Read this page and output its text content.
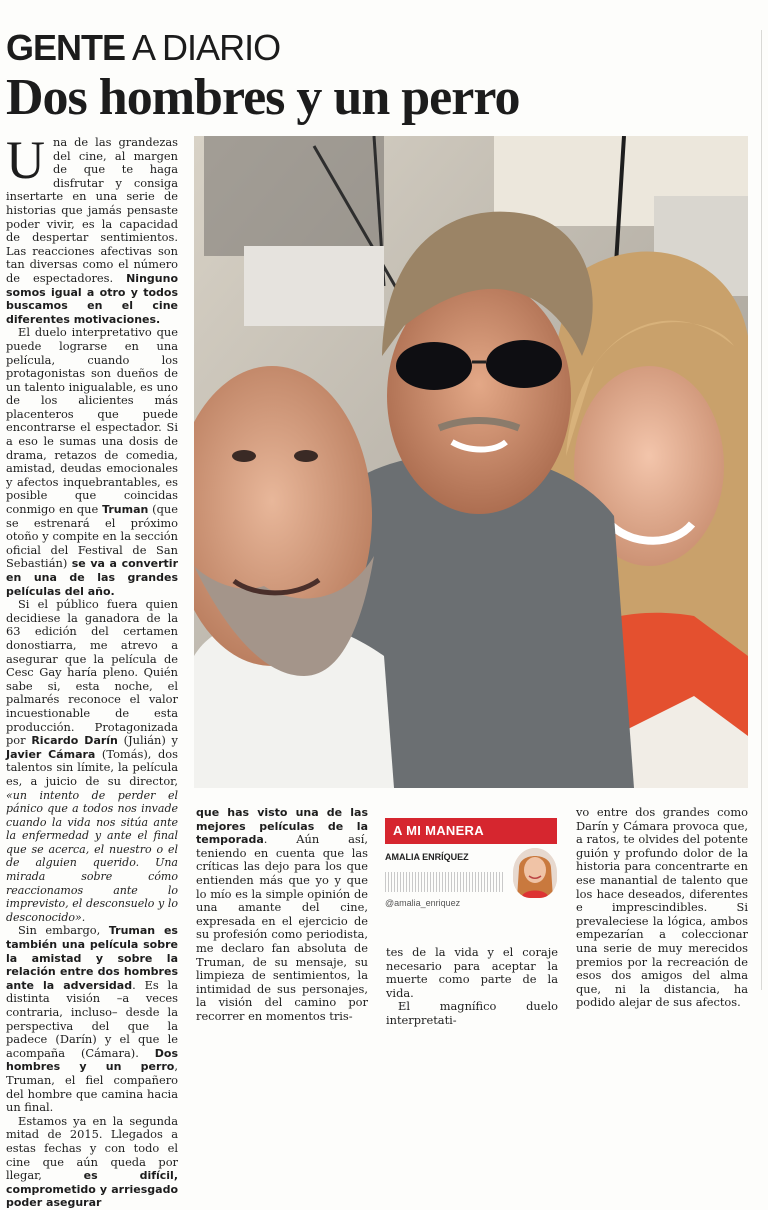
GENTE A DIARIO
Dos hombres y un perro

Una de las grandezas del cine, al margen de que te haga disfrutar y consiga insertarte en una serie de historias que jamás pensaste poder vivir, es la capacidad de despertar sentimientos. Las reacciones afectivas son tan diversas como el número de espectadores. Ninguno somos igual a otro y todos buscamos en el cine diferentes motivaciones.

El duelo interpretativo que puede lograrse en una película, cuando los protagonistas son dueños de un talento inigualable, es uno de los alicientes más placenteros que puede encontrarse el espectador. Si a eso le sumas una dosis de drama, retazos de comedia, amistad, deudas emocionales y afectos inquebrantables, es posible que coincidas conmigo en que Truman (que se estrenará el próximo otoño y compite en la sección oficial del Festival de San Sebastián) se va a convertir en una de las grandes películas del año.

Si el público fuera quien decidiese la ganadora de la 63 edición del certamen donostiarra, me atrevo a asegurar que la película de Cesc Gay haría pleno. Quién sabe si, esta noche, el palmarés reconoce el valor incuestionable de esta producción. Protagonizada por Ricardo Darín (Julián) y Javier Cámara (Tomás), dos talentos sin límite, la película es, a juicio de su director, «un intento de perder el pánico que a todos nos invade cuando la vida nos sitúa ante la enfermedad y ante el final que se acerca, el nuestro o el de alguien querido. Una mirada sobre cómo reaccionamos ante lo imprevisto, el desconsuelo y lo desconocido».

Sin embargo, Truman es también una película sobre la amistad y sobre la relación entre dos hombres ante la adversidad. Es la distinta visión –a veces contraria, incluso– desde la perspectiva del que la padece (Darín) y el que le acompaña (Cámara). Dos hombres y un perro, Truman, el fiel compañero del hombre que camina hacia un final.

Estamos ya en la segunda mitad de 2015. Llegados a estas fechas y con todo el cine que aún queda por llegar, es difícil, comprometido y arriesgado poder asegurar

que has visto una de las mejores películas de la temporada. Aún así, teniendo en cuenta que las críticas las dejo para los que entienden más que yo y que lo mío es la simple opinión de una amante del cine, expresada en el ejercicio de su profesión como periodista, me declaro fan absoluta de Truman, de su mensaje, su limpieza de sentimientos, la intimidad de sus personajes, la visión del camino por recorrer en momentos tris-

A MI MANERA
AMALIA ENRÍQUEZ
@amalia_enriquez

tes de la vida y el coraje necesario para aceptar la muerte como parte de la vida.

El magnífico duelo interpretati-

vo entre dos grandes como Darín y Cámara provoca que, a ratos, te olvides del potente guión y profundo dolor de la historia para concentrarte en ese manantial de talento que los hace deseados, diferentes e imprescindibles. Si prevaleciese la lógica, ambos empezarían a coleccionar una serie de muy merecidos premios por la recreación de esos dos amigos del alma que, ni la distancia, ha podido alejar de sus afectos.
